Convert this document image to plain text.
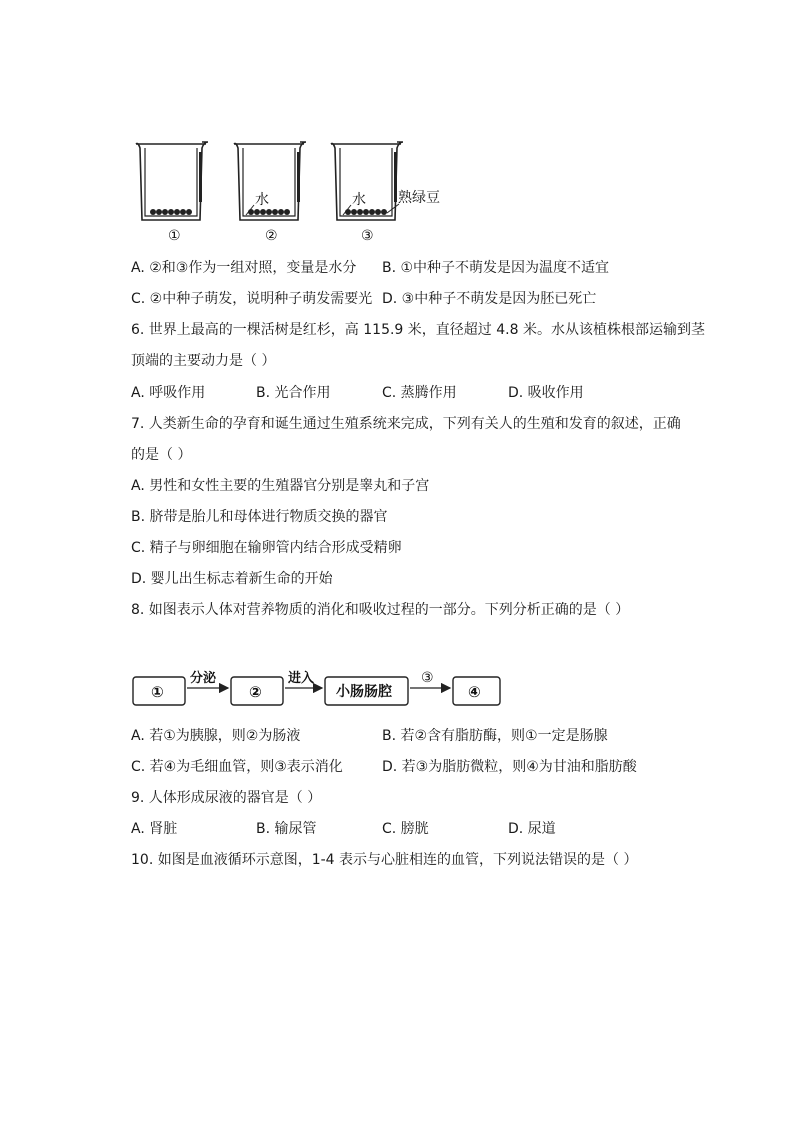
水	水 熟绿豆
①	②	③
A. ②和③作为一组对照，变量是水分 B. ①中种子不萌发是因为温度不适宜
C. ②中种子萌发，说明种子萌发需要光 D. ③中种子不萌发是因为胚已死亡
6. 世界上最高的一棵活树是红杉，高 115.9 米，直径超过 4.8 米。水从该植株根部运输到茎
顶端的主要动力是（ ）
A. 呼吸作用	B. 光合作用	C. 蒸腾作用	D. 吸收作用
7. 人类新生命的孕育和诞生通过生殖系统来完成，下列有关人的生殖和发育的叙述，正确
的是（ ）
A. 男性和女性主要的生殖器官分别是睾丸和子宫
B. 脐带是胎儿和母体进行物质交换的器官
C. 精子与卵细胞在输卵管内结合形成受精卵
D. 婴儿出生标志着新生命的开始
8. 如图表示人体对营养物质的消化和吸收过程的一部分。下列分析正确的是（ ）
①
分泌
②
进入
小肠肠腔
③
④
A. 若①为胰腺，则②为肠液	B. 若②含有脂肪酶，则①一定是肠腺
C. 若④为毛细血管，则③表示消化	D. 若③为脂肪微粒，则④为甘油和脂肪酸
9. 人体形成尿液的器官是（ ）
A. 肾脏	B. 输尿管	C. 膀胱	D. 尿道
10. 如图是血液循环示意图，1-4 表示与心脏相连的血管，下列说法错误的是（ ）
